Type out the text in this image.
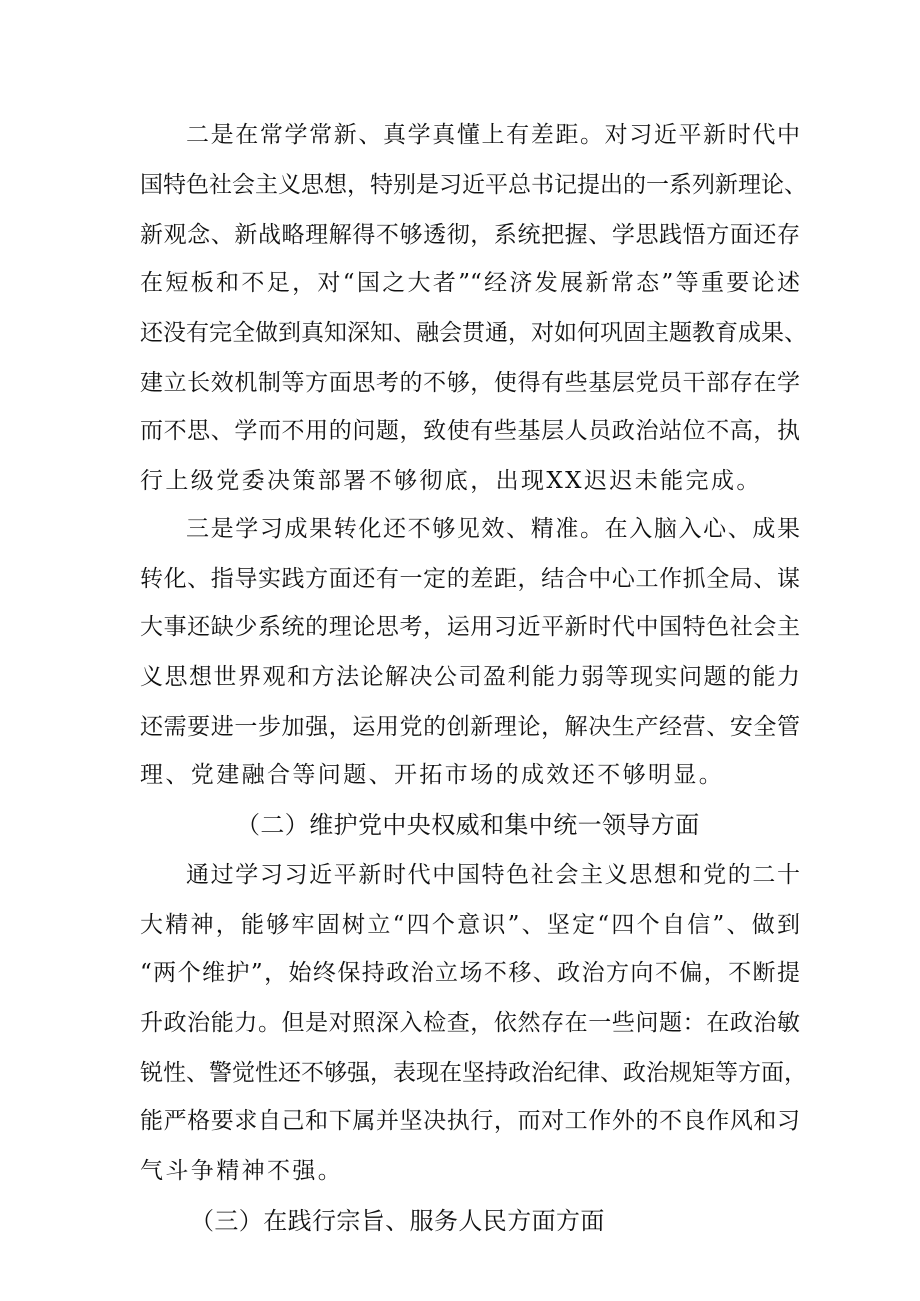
二是在常学常新、真学真懂上有差距。对习近平新时代中
国特色社会主义思想，特别是习近平总书记提出的一系列新理论、
新观念、新战略理解得不够透彻，系统把握、学思践悟方面还存
在短板和不足，对“国之大者”“经济发展新常态”等重要论述
还没有完全做到真知深知、融会贯通，对如何巩固主题教育成果、
建立长效机制等方面思考的不够，使得有些基层党员干部存在学
而不思、学而不用的问题，致使有些基层人员政治站位不高，执
行上级党委决策部署不够彻底，出现XX迟迟未能完成。
三是学习成果转化还不够见效、精准。在入脑入心、成果
转化、指导实践方面还有一定的差距，结合中心工作抓全局、谋
大事还缺少系统的理论思考，运用习近平新时代中国特色社会主
义思想世界观和方法论解决公司盈利能力弱等现实问题的能力
还需要进一步加强，运用党的创新理论，解决生产经营、安全管
理、党建融合等问题、开拓市场的成效还不够明显。
（二）维护党中央权威和集中统一领导方面
通过学习习近平新时代中国特色社会主义思想和党的二十
大精神，能够牢固树立“四个意识”、坚定“四个自信”、做到
“两个维护”，始终保持政治立场不移、政治方向不偏，不断提
升政治能力。但是对照深入检查，依然存在一些问题：在政治敏
锐性、警觉性还不够强，表现在坚持政治纪律、政治规矩等方面，
能严格要求自己和下属并坚决执行，而对工作外的不良作风和习
气斗争精神不强。
（三）在践行宗旨、服务人民方面方面
